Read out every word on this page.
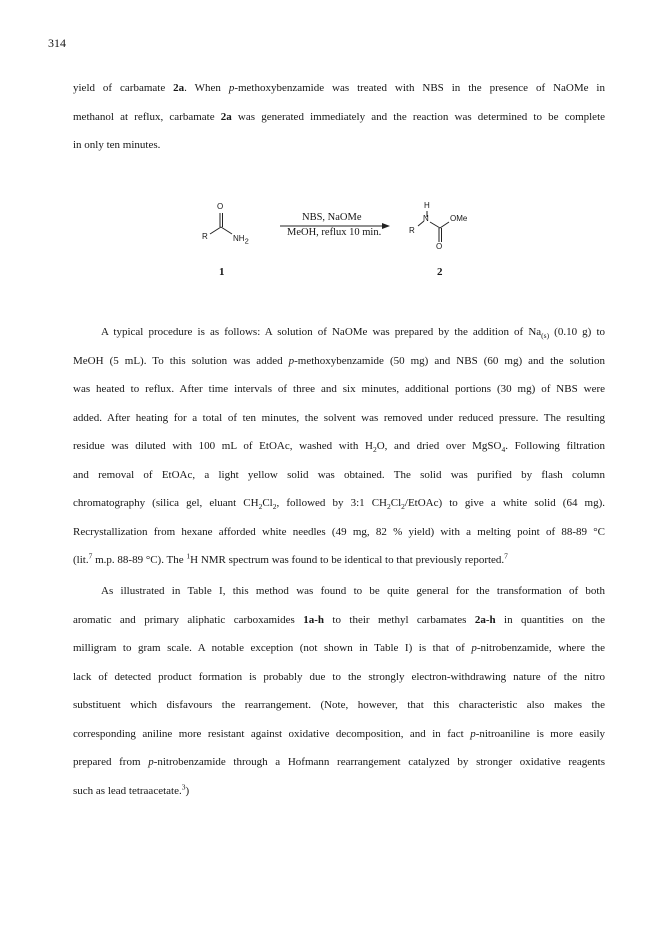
314

yield of carbamate 2a. When p-methoxybenzamide was treated with NBS in the presence of NaOMe in
methanol at reflux, carbamate 2a was generated immediately and the reaction was determined to be complete
in only ten minutes.

O
R	$NH_2$
NBS, NaOMe
MeOH, reflux 10 min.
H
N	OMe
R
O
1	2

A typical procedure is as follows: A solution of NaOMe was prepared by the addition of $Na_{(s)}$ (0.10 g) to
MeOH (5 mL). To this solution was added p-methoxybenzamide (50 mg) and NBS (60 mg) and the solution
was heated to reflux. After time intervals of three and six minutes, additional portions (30 mg) of NBS were
added. After heating for a total of ten minutes, the solvent was removed under reduced pressure. The resulting
residue was diluted with 100 mL of EtOAc, washed with $H_2O$, and dried over MgSO$_4$. Following filtration
and removal of EtOAc, a light yellow solid was obtained. The solid was purified by flash column
chromatography (silica gel, eluant $CH_2Cl_2$, followed by 3:1 $CH_2Cl_2/EtOAc$) to give a white solid (64 mg).
Recrystallization from hexane afforded white needles (49 mg, 82 % yield) with a melting point of 88-89 °C
(lit.$^7$ m.p. 88-89 °C). The $^1$H NMR spectrum was found to be identical to that previously reported.$^7$

As illustrated in Table I, this method was found to be quite general for the transformation of both
aromatic and primary aliphatic carboxamides 1a-h to their methyl carbamates 2a-h in quantities on the
milligram to gram scale. A notable exception (not shown in Table I) is that of p-nitrobenzamide, where the
lack of detected product formation is probably due to the strongly electron-withdrawing nature of the nitro
substituent which disfavours the rearrangement. (Note, however, that this characteristic also makes the
corresponding aniline more resistant against oxidative decomposition, and in fact p-nitroaniline is more easily
prepared from p-nitrobenzamide through a Hofmann rearrangement catalyzed by stronger oxidative reagents
such as lead tetraacetate.$^3$)
